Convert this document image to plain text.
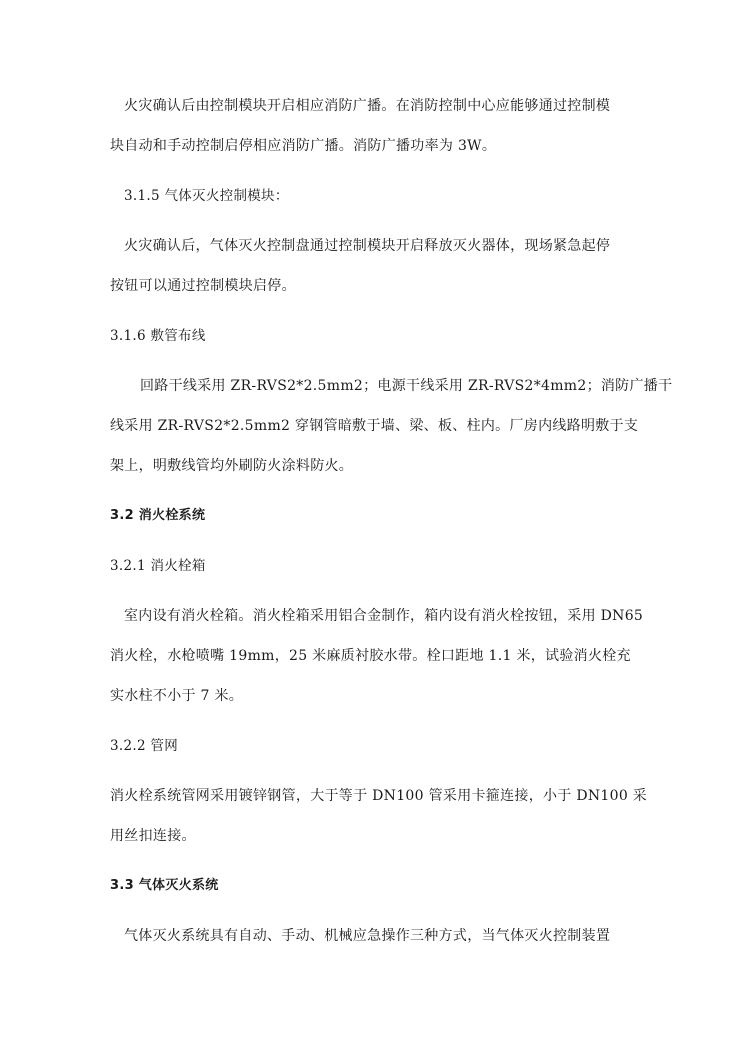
火灾确认后由控制模块开启相应消防广播。在消防控制中心应能够通过控制模
块自动和手动控制启停相应消防广播。消防广播功率为 3W。
3.1.5 气体灭火控制模块：
火灾确认后，气体灭火控制盘通过控制模块开启释放灭火器体，现场紧急起停
按钮可以通过控制模块启停。
3.1.6 敷管布线
回路干线采用 ZR-RVS2*2.5mm2；电源干线采用 ZR-RVS2*4mm2；消防广播干
线采用 ZR-RVS2*2.5mm2 穿钢管暗敷于墙、梁、板、柱内。厂房内线路明敷于支
架上，明敷线管均外刷防火涂料防火。
3.2 消火栓系统
3.2.1 消火栓箱
室内设有消火栓箱。消火栓箱采用铝合金制作，箱内设有消火栓按钮，采用 DN65
消火栓，水枪喷嘴 19mm，25 米麻质衬胶水带。栓口距地 1.1 米，试验消火栓充
实水柱不小于 7 米。
3.2.2 管网
消火栓系统管网采用镀锌钢管，大于等于 DN100 管采用卡箍连接，小于 DN100 采
用丝扣连接。
3.3 气体灭火系统
气体灭火系统具有自动、手动、机械应急操作三种方式，当气体灭火控制装置
